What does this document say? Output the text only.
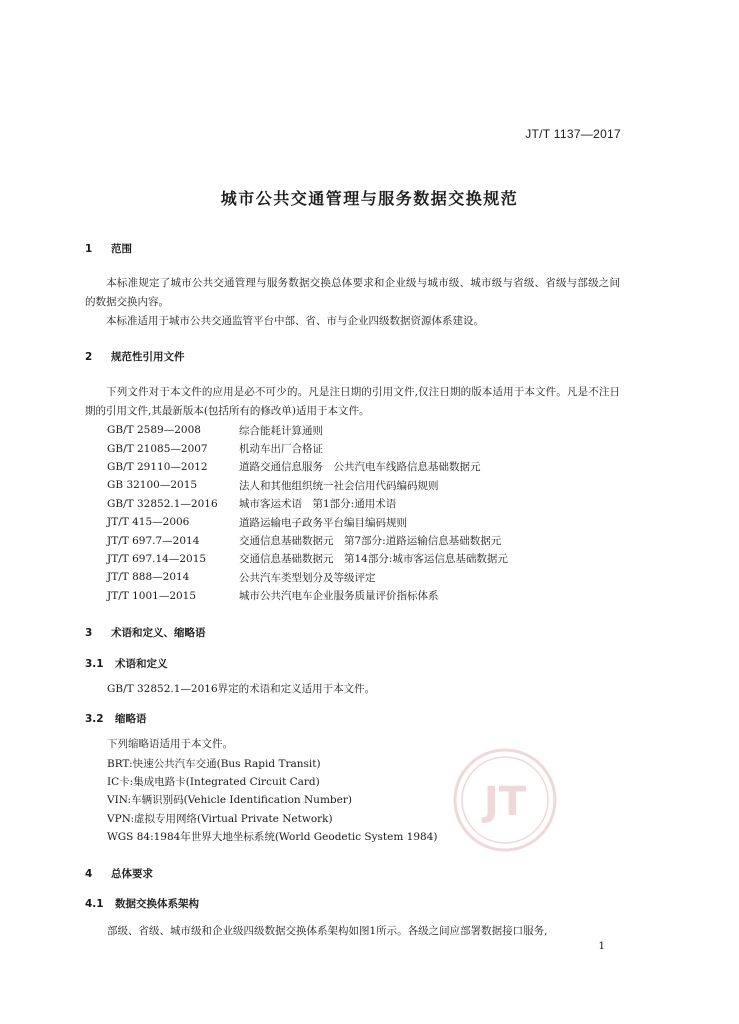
JT/T 1137—2017
城市公共交通管理与服务数据交换规范
1 范围
本标准规定了城市公共交通管理与服务数据交换总体要求和企业级与城市级、城市级与省级、省级与部级之间的数据交换内容。
本标准适用于城市公共交通监管平台中部、省、市与企业四级数据资源体系建设。
2 规范性引用文件
下列文件对于本文件的应用是必不可少的。凡是注日期的引用文件,仅注日期的版本适用于本文件。凡是不注日期的引用文件,其最新版本(包括所有的修改单)适用于本文件。
GB/T 2589—2008	综合能耗计算通则
GB/T 21085—2007	机动车出厂合格证
GB/T 29110—2012	道路交通信息服务　公共汽电车线路信息基础数据元
GB 32100—2015	法人和其他组织统一社会信用代码编码规则
GB/T 32852.1—2016	城市客运术语　第1部分:通用术语
JT/T 415—2006	道路运输电子政务平台编目编码规则
JT/T 697.7—2014	交通信息基础数据元　第7部分:道路运输信息基础数据元
JT/T 697.14—2015	交通信息基础数据元　第14部分:城市客运信息基础数据元
JT/T 888—2014	公共汽车类型划分及等级评定
JT/T 1001—2015	城市公共汽电车企业服务质量评价指标体系
3 术语和定义、缩略语
3.1 术语和定义
GB/T 32852.1—2016界定的术语和定义适用于本文件。
3.2 缩略语
下列缩略语适用于本文件。
BRT:快速公共汽车交通(Bus Rapid Transit)
IC卡:集成电路卡(Integrated Circuit Card)
VIN:车辆识别码(Vehicle Identification Number)
VPN:虚拟专用网络(Virtual Private Network)
WGS 84:1984年世界大地坐标系统(World Geodetic System 1984)
JT
4 总体要求
4.1 数据交换体系架构
部级、省级、城市级和企业级四级数据交换体系架构如图1所示。各级之间应部署数据接口服务,
1
